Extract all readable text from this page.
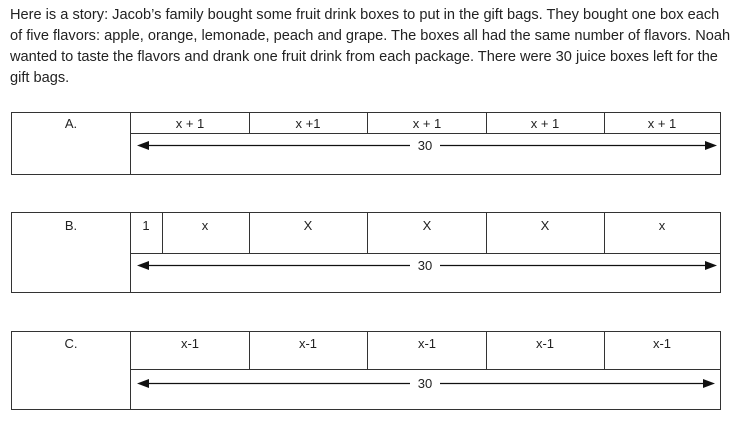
Here is a story: Jacob’s family bought some fruit drink boxes to put in the gift bags. They bought one box each of five flavors: apple, orange, lemonade, peach and grape. The boxes all had the same number of flavors. Noah wanted to taste the flavors and drank one fruit drink from each package. There were 30 juice boxes left for the gift bags.

A.	x + 1	x +1	x + 1	x + 1	x + 1
30
B.	1	x	X	X	X	x
30
C.	x-1	x-1	x-1	x-1	x-1
30
